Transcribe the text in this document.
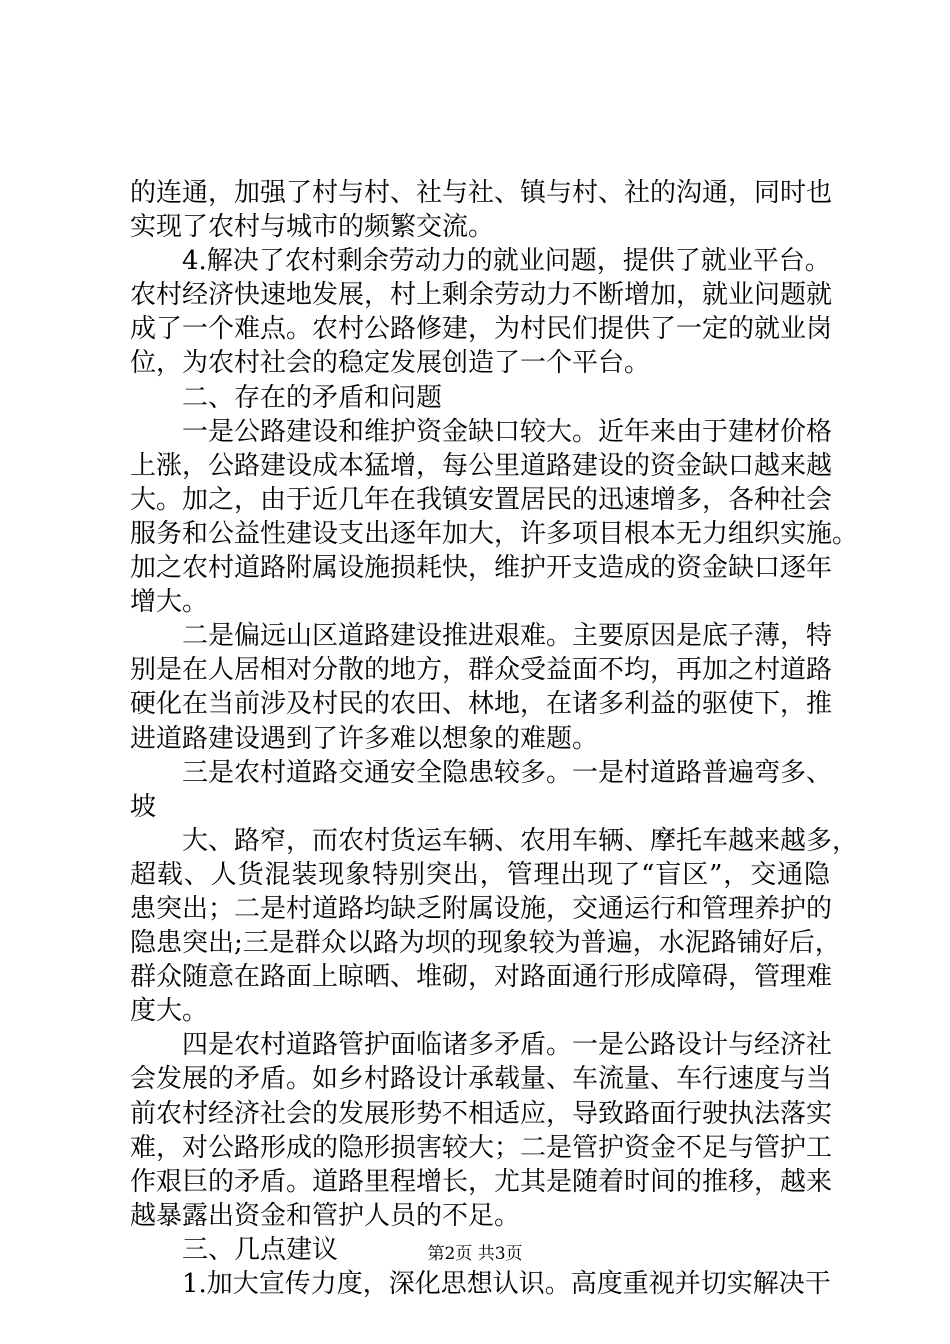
的连通，加强了村与村、社与社、镇与村、社的沟通，同时也
实现了农村与城市的频繁交流。
4.解决了农村剩余劳动力的就业问题，提供了就业平台。
农村经济快速地发展，村上剩余劳动力不断增加，就业问题就
成了一个难点。农村公路修建，为村民们提供了一定的就业岗
位，为农村社会的稳定发展创造了一个平台。
二、存在的矛盾和问题
一是公路建设和维护资金缺口较大。近年来由于建材价格
上涨，公路建设成本猛增，每公里道路建设的资金缺口越来越
大。加之，由于近几年在我镇安置居民的迅速增多，各种社会
服务和公益性建设支出逐年加大，许多项目根本无力组织实施。
加之农村道路附属设施损耗快，维护开支造成的资金缺口逐年
增大。
二是偏远山区道路建设推进艰难。主要原因是底子薄，特
别是在人居相对分散的地方，群众受益面不均，再加之村道路
硬化在当前涉及村民的农田、林地，在诸多利益的驱使下，推
进道路建设遇到了许多难以想象的难题。
三是农村道路交通安全隐患较多。一是村道路普遍弯多、
坡
大、路窄，而农村货运车辆、农用车辆、摩托车越来越多，
超载、人货混装现象特别突出，管理出现了“盲区”，交通隐
患突出；二是村道路均缺乏附属设施，交通运行和管理养护的
隐患突出;三是群众以路为坝的现象较为普遍，水泥路铺好后，
群众随意在路面上晾晒、堆砌，对路面通行形成障碍，管理难
度大。
四是农村道路管护面临诸多矛盾。一是公路设计与经济社
会发展的矛盾。如乡村路设计承载量、车流量、车行速度与当
前农村经济社会的发展形势不相适应，导致路面行驶执法落实
难，对公路形成的隐形损害较大；二是管护资金不足与管护工
作艰巨的矛盾。道路里程增长，尤其是随着时间的推移，越来
越暴露出资金和管护人员的不足。
三、几点建议
1.加大宣传力度，深化思想认识。高度重视并切实解决干
第2页 共3页
